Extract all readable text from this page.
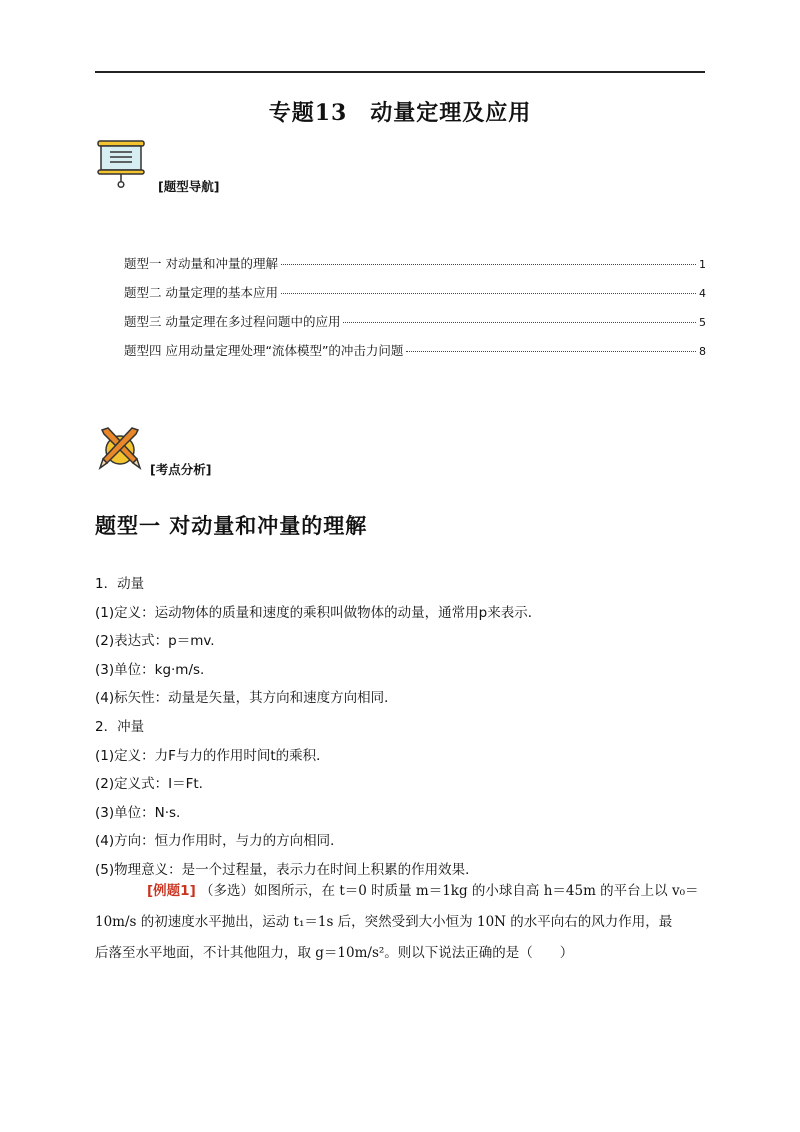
专题13　动量定理及应用
[题型导航]
题型一 对动量和冲量的理解	1
题型二 动量定理的基本应用	4
题型三 动量定理在多过程问题中的应用	5
题型四 应用动量定理处理“流体模型”的冲击力问题	8
[考点分析]
题型一 对动量和冲量的理解
1．动量
(1)定义：运动物体的质量和速度的乘积叫做物体的动量，通常用p来表示．
(2)表达式：p＝mv.
(3)单位：kg·m/s.
(4)标矢性：动量是矢量，其方向和速度方向相同．
2．冲量
(1)定义：力F与力的作用时间t的乘积．
(2)定义式：I＝Ft.
(3)单位：N·s.
(4)方向：恒力作用时，与力的方向相同．
(5)物理意义：是一个过程量，表示力在时间上积累的作用效果．
[例题1] （多选）如图所示，在 t＝0 时质量 m＝1kg 的小球自高 h＝45m 的平台上以 v₀＝
10m/s 的初速度水平抛出，运动 t₁＝1s 后，突然受到大小恒为 10N 的水平向右的风力作用，最
后落至水平地面，不计其他阻力，取 g＝10m/s²。则以下说法正确的是（　　）
